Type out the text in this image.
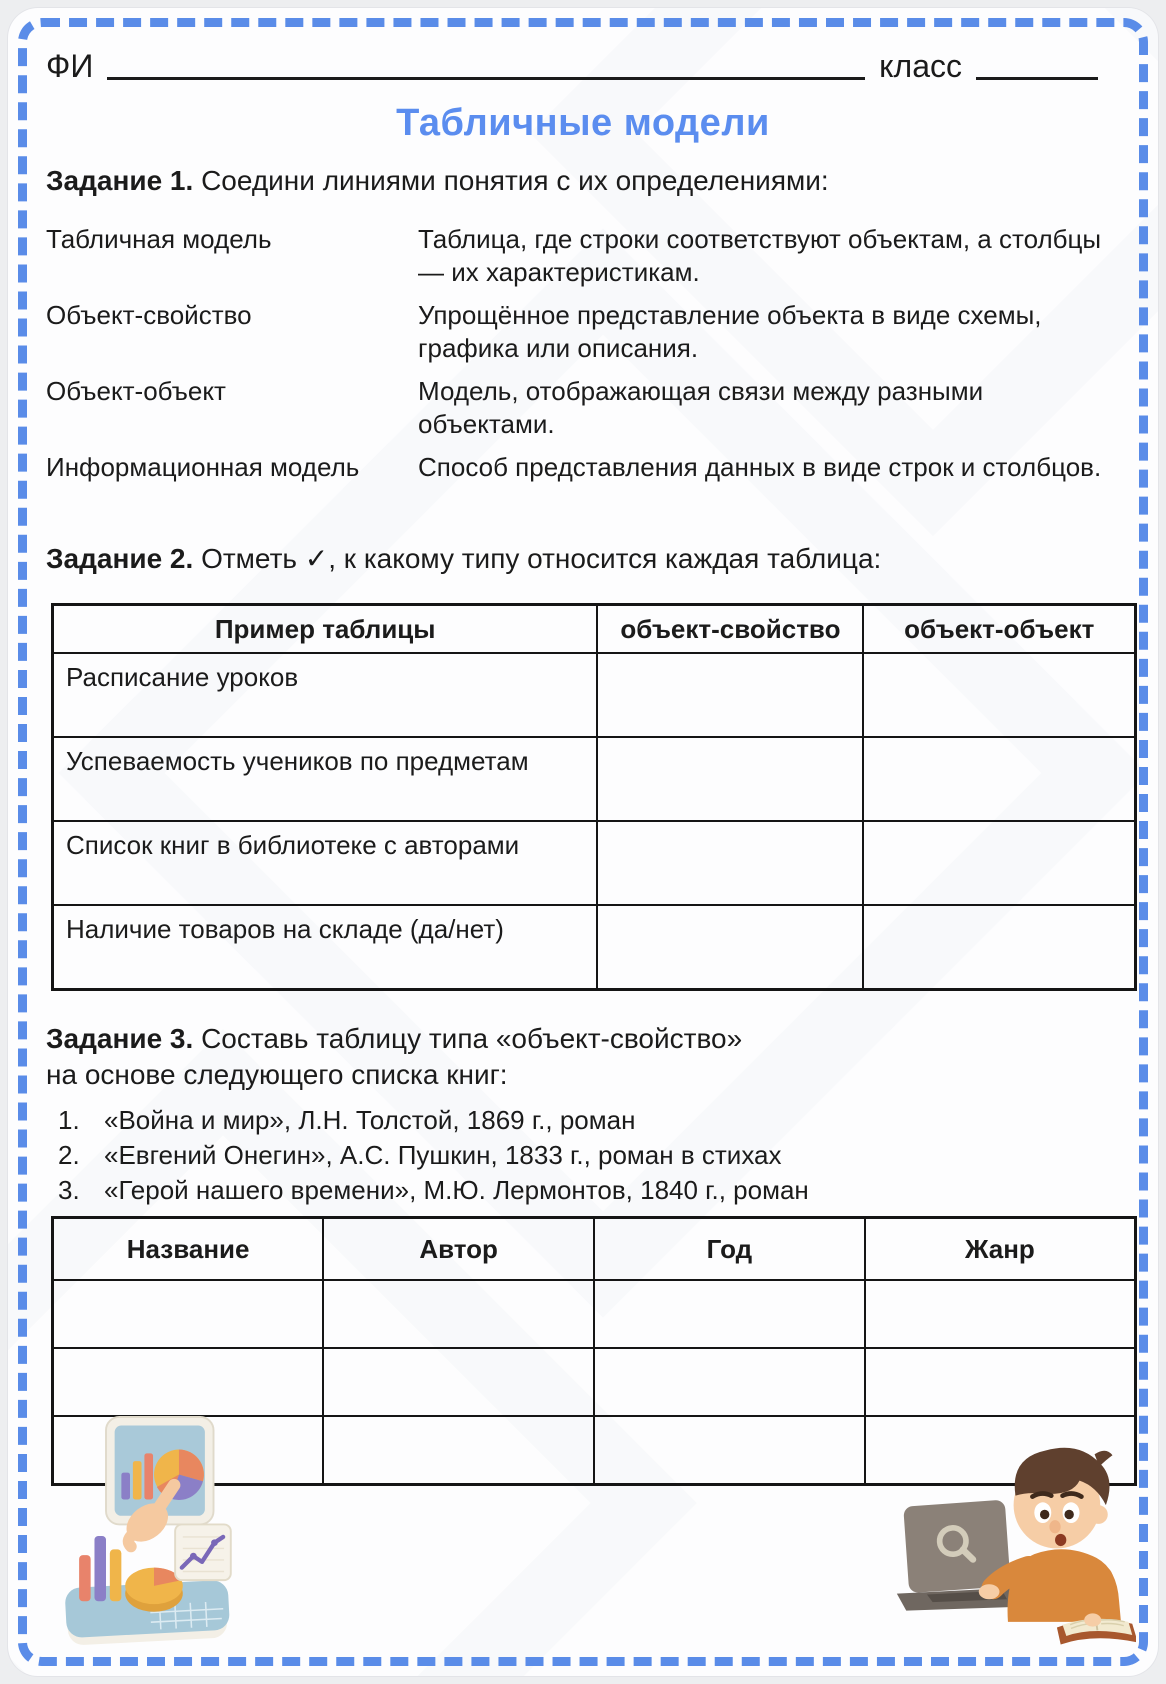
ФИ	класс
Табличные модели
Задание 1. Соедини линиями понятия с их определениями:
Табличная модель	Таблица, где строки соответствуют объектам, а столбцы — их характеристикам.
Объект-свойство	Упрощённое представление объекта в виде схемы, графика или описания.
Объект-объект	Модель, отображающая связи между разными объектами.
Информационная модель	Способ представления данных в виде строк и столбцов.
Задание 2. Отметь ✓, к какому типу относится каждая таблица:
Пример таблицы	объект-свойство	объект-объект
Расписание уроков		
Успеваемость учеников по предметам		
Список книг в библиотеке с авторами		
Наличие товаров на складе (да/нет)		
Задание 3. Составь таблицу типа «объект-свойство»
на основе следующего списка книг:
1. «Война и мир», Л.Н. Толстой, 1869 г., роман
2. «Евгений Онегин», А.С. Пушкин, 1833 г., роман в стихах
3. «Герой нашего времени», М.Ю. Лермонтов, 1840 г., роман
Название	Автор	Год	Жанр
